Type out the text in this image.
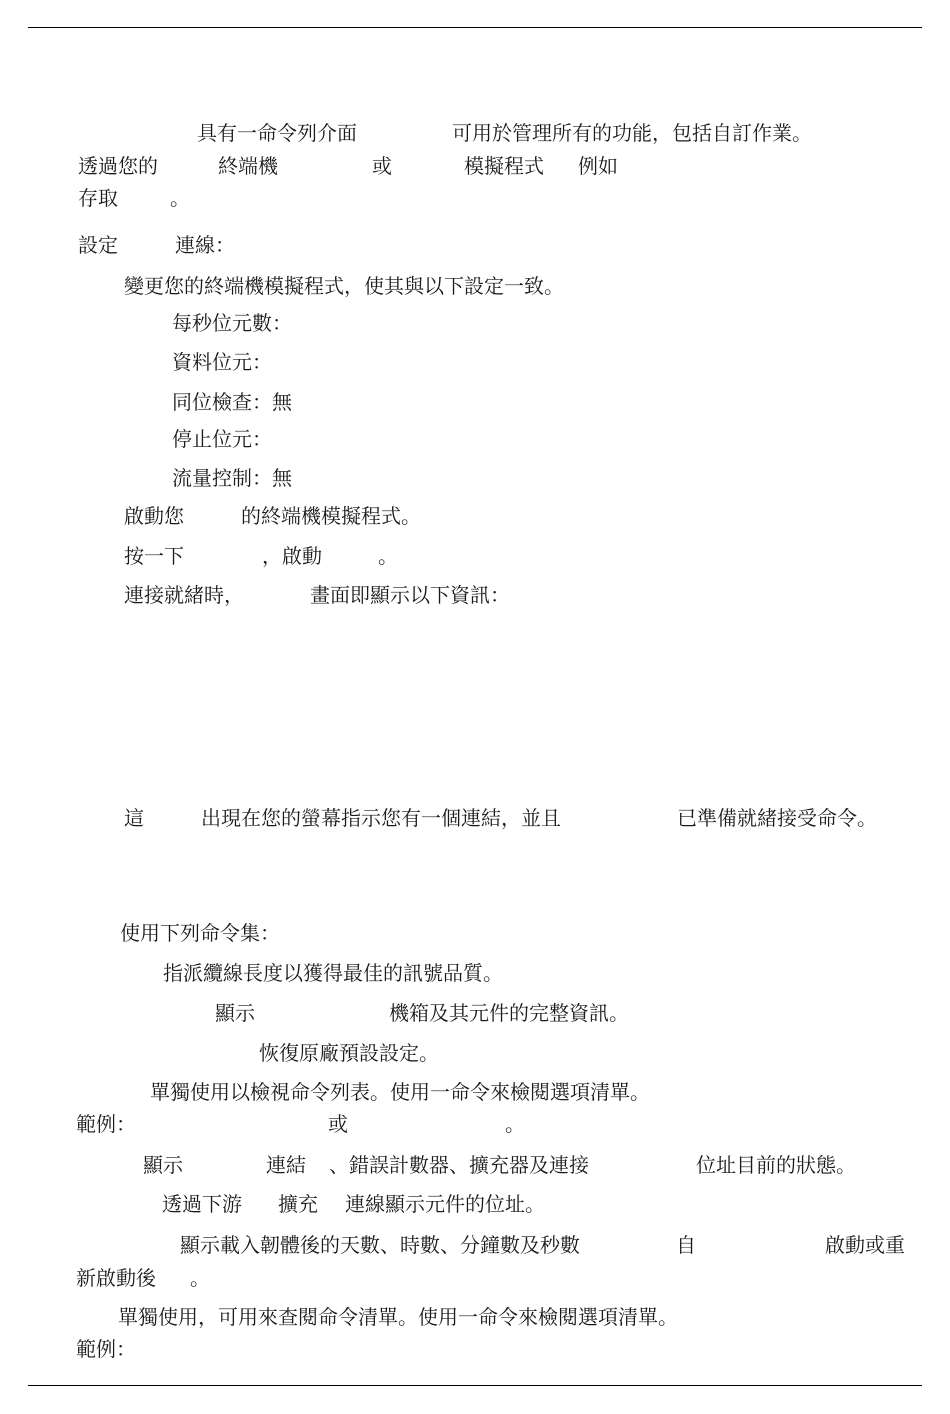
具有一命令列介面	可用於管理所有的功能，包括自訂作業。
透過您的	終端機	或	模擬程式 例如
存取	。
設定	連線：
變更您的終端機模擬程式，使其與以下設定一致。
每秒位元數：
資料位元：
同位檢查：無
停止位元：
流量控制：無
啟動您	的終端機模擬程式。
按一下	，啟動	。
連接就緒時，	畫面即顯示以下資訊：
這	出現在您的螢幕指示您有一個連結，並且	已準備就緒接受命令。
使用下列命令集：
指派纜線長度以獲得最佳的訊號品質。
顯示	機箱及其元件的完整資訊。
恢復原廠預設設定。
單獨使用以檢視命令列表。使用一命令來檢閱選項清單。
範例：	或	。
顯示	連結 、錯誤計數器、擴充器及連接	位址目前的狀態。
透過下游 擴充 連線顯示元件的位址。
顯示載入韌體後的天數、時數、分鐘數及秒數	自	啟動或重
新啟動後 。
單獨使用，可用來查閱命令清單。使用一命令來檢閱選項清單。
範例：
